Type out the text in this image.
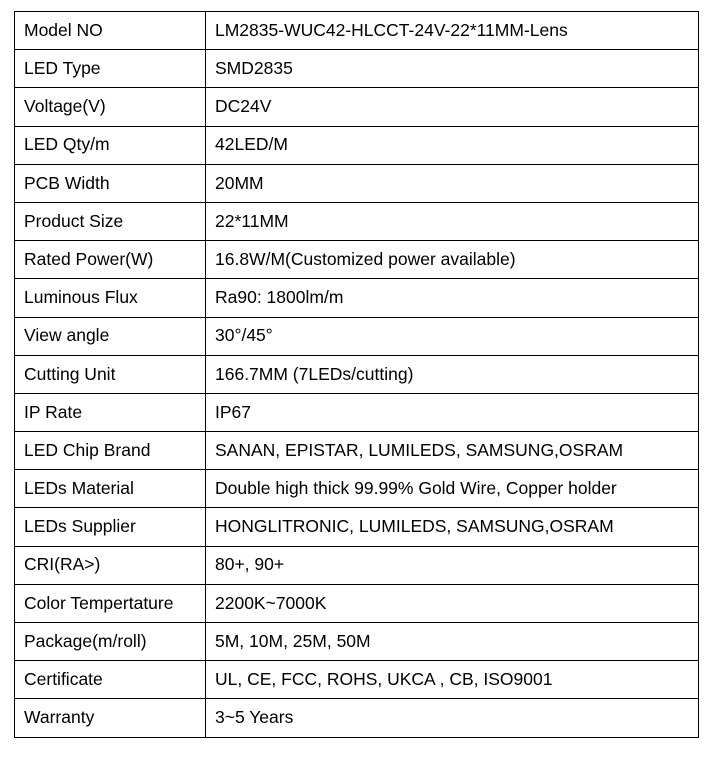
Model NO	LM2835-WUC42-HLCCT-24V-22*11MM-Lens
LED Type	SMD2835
Voltage(V)	DC24V
LED Qty/m	42LED/M
PCB Width	20MM
Product Size	22*11MM
Rated Power(W)	16.8W/M(Customized power available)
Luminous Flux	Ra90: 1800lm/m
View angle	30°/45°
Cutting Unit	166.7MM (7LEDs/cutting)
IP Rate	IP67
LED Chip Brand	SANAN, EPISTAR, LUMILEDS, SAMSUNG,OSRAM
LEDs Material	Double high thick 99.99% Gold Wire, Copper holder
LEDs Supplier	HONGLITRONIC, LUMILEDS, SAMSUNG,OSRAM
CRI(RA>)	80+, 90+
Color Tempertature	2200K~7000K
Package(m/roll)	5M, 10M, 25M, 50M
Certificate	UL, CE, FCC, ROHS, UKCA , CB, ISO9001
Warranty	3~5 Years
